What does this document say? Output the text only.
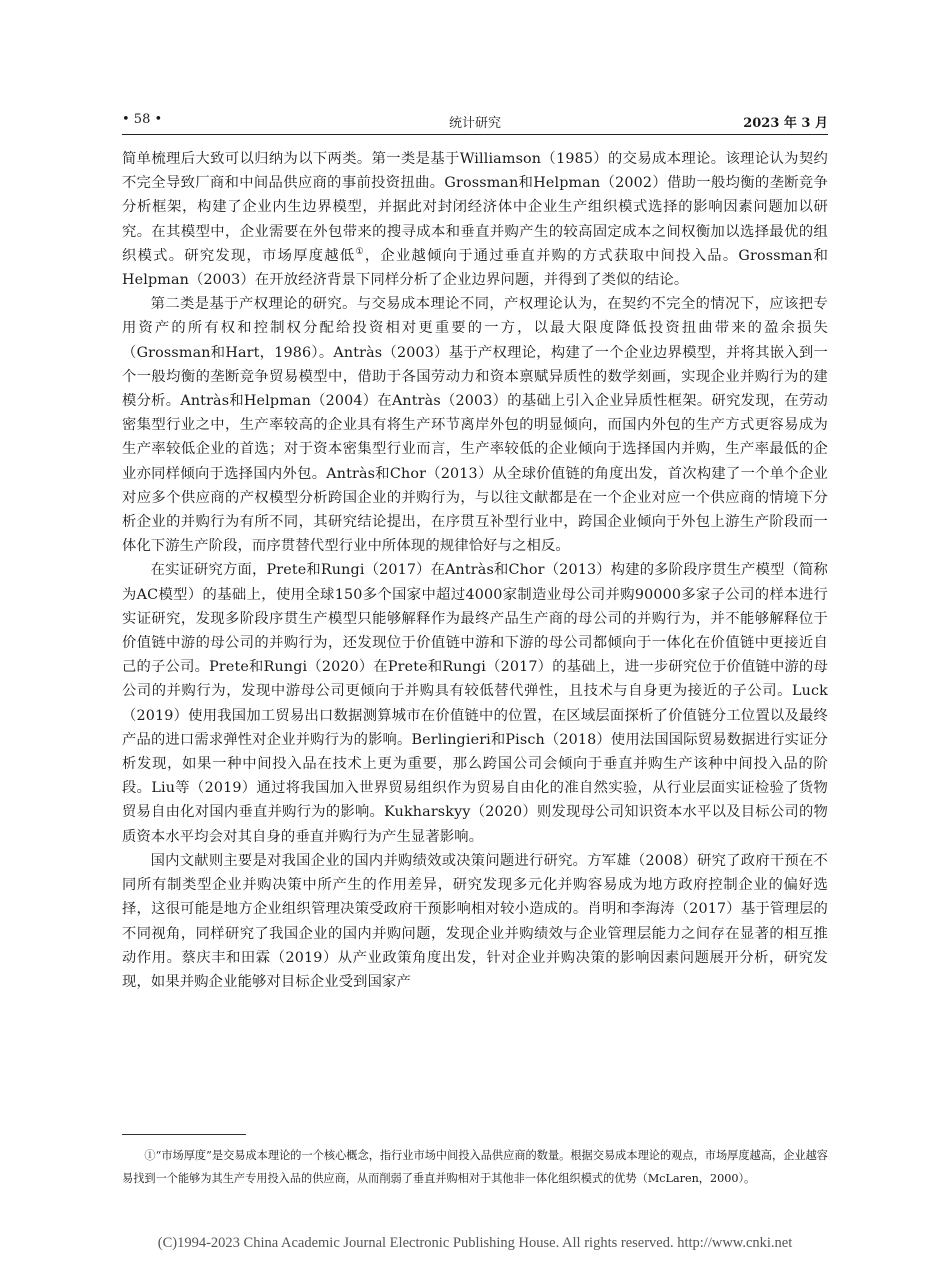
• 58 •	统计研究	2023 年 3 月

简单梳理后大致可以归纳为以下两类。第一类是基于Williamson（1985）的交易成本理论。该理论认为契约不完全导致厂商和中间品供应商的事前投资扭曲。Grossman和Helpman（2002）借助一般均衡的垄断竞争分析框架，构建了企业内生边界模型，并据此对封闭经济体中企业生产组织模式选择的影响因素问题加以研究。在其模型中，企业需要在外包带来的搜寻成本和垂直并购产生的较高固定成本之间权衡加以选择最优的组织模式。研究发现，市场厚度越低①，企业越倾向于通过垂直并购的方式获取中间投入品。Grossman和Helpman（2003）在开放经济背景下同样分析了企业边界问题，并得到了类似的结论。

第二类是基于产权理论的研究。与交易成本理论不同，产权理论认为，在契约不完全的情况下，应该把专用资产的所有权和控制权分配给投资相对更重要的一方，以最大限度降低投资扭曲带来的盈余损失（Grossman和Hart，1986）。Antràs（2003）基于产权理论，构建了一个企业边界模型，并将其嵌入到一个一般均衡的垄断竞争贸易模型中，借助于各国劳动力和资本禀赋异质性的数学刻画，实现企业并购行为的建模分析。Antràs和Helpman（2004）在Antràs（2003）的基础上引入企业异质性框架。研究发现，在劳动密集型行业之中，生产率较高的企业具有将生产环节离岸外包的明显倾向，而国内外包的生产方式更容易成为生产率较低企业的首选；对于资本密集型行业而言，生产率较低的企业倾向于选择国内并购，生产率最低的企业亦同样倾向于选择国内外包。Antràs和Chor（2013）从全球价值链的角度出发，首次构建了一个单个企业对应多个供应商的产权模型分析跨国企业的并购行为，与以往文献都是在一个企业对应一个供应商的情境下分析企业的并购行为有所不同，其研究结论提出，在序贯互补型行业中，跨国企业倾向于外包上游生产阶段而一体化下游生产阶段，而序贯替代型行业中所体现的规律恰好与之相反。

在实证研究方面，Prete和Rungi（2017）在Antràs和Chor（2013）构建的多阶段序贯生产模型（简称为AC模型）的基础上，使用全球150多个国家中超过4000家制造业母公司并购90000多家子公司的样本进行实证研究，发现多阶段序贯生产模型只能够解释作为最终产品生产商的母公司的并购行为，并不能够解释位于价值链中游的母公司的并购行为，还发现位于价值链中游和下游的母公司都倾向于一体化在价值链中更接近自己的子公司。Prete和Rungi（2020）在Prete和Rungi（2017）的基础上，进一步研究位于价值链中游的母公司的并购行为，发现中游母公司更倾向于并购具有较低替代弹性，且技术与自身更为接近的子公司。Luck（2019）使用我国加工贸易出口数据测算城市在价值链中的位置，在区域层面探析了价值链分工位置以及最终产品的进口需求弹性对企业并购行为的影响。Berlingieri和Pisch（2018）使用法国国际贸易数据进行实证分析发现，如果一种中间投入品在技术上更为重要，那么跨国公司会倾向于垂直并购生产该种中间投入品的阶段。Liu等（2019）通过将我国加入世界贸易组织作为贸易自由化的准自然实验，从行业层面实证检验了货物贸易自由化对国内垂直并购行为的影响。Kukharskyy（2020）则发现母公司知识资本水平以及目标公司的物质资本水平均会对其自身的垂直并购行为产生显著影响。

国内文献则主要是对我国企业的国内并购绩效或决策问题进行研究。方军雄（2008）研究了政府干预在不同所有制类型企业并购决策中所产生的作用差异，研究发现多元化并购容易成为地方政府控制企业的偏好选择，这很可能是地方企业组织管理决策受政府干预影响相对较小造成的。肖明和李海涛（2017）基于管理层的不同视角，同样研究了我国企业的国内并购问题，发现企业并购绩效与企业管理层能力之间存在显著的相互推动作用。蔡庆丰和田霖（2019）从产业政策角度出发，针对企业并购决策的影响因素问题展开分析，研究发现，如果并购企业能够对目标企业受到国家产

①“市场厚度”是交易成本理论的一个核心概念，指行业市场中间投入品供应商的数量。根据交易成本理论的观点，市场厚度越高，企业越容易找到一个能够为其生产专用投入品的供应商，从而削弱了垂直并购相对于其他非一体化组织模式的优势（McLaren，2000）。
(C)1994-2023 China Academic Journal Electronic Publishing House. All rights reserved. http://www.cnki.net
